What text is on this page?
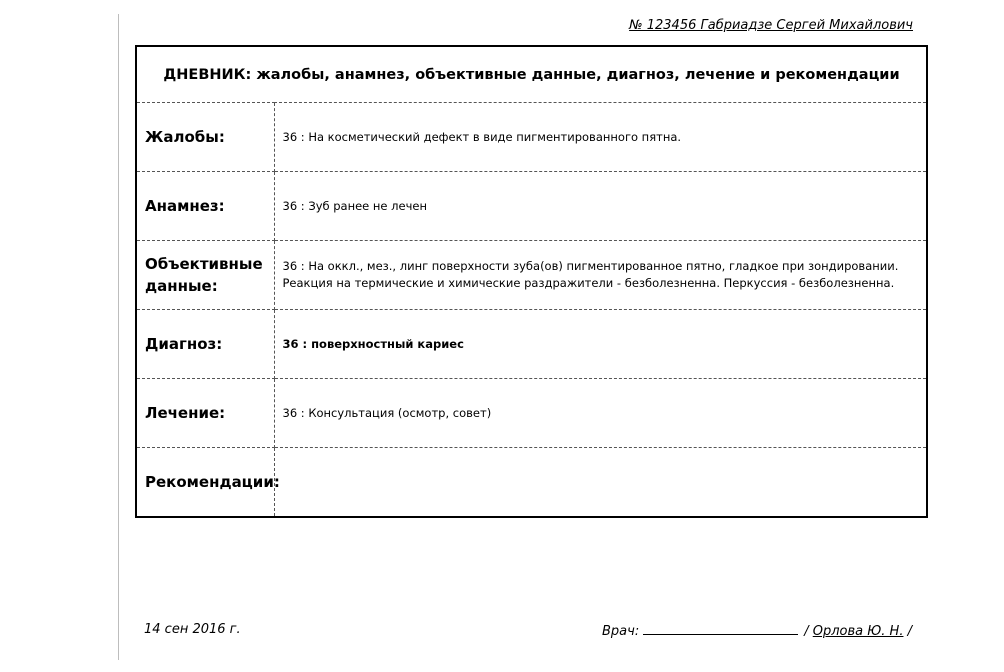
№ 123456 Габриадзе Сергей Михайлович
ДНЕВНИК: жалобы, анамнез, объективные данные, диагноз, лечение и рекомендации	
Жалобы:	36 : На косметический дефект в виде пигментированного пятна.
Анамнез:	36 : Зуб ранее не лечен
Объективные данные:	36 : На оккл., мез., линг поверхности зуба(ов) пигментированное пятно, гладкое при зондировании. Реакция на термические и химические раздражители - безболезненна. Перкуссия - безболезненна.
Диагноз:	36 : поверхностный кариес
Лечение:	36 : Консультация (осмотр, совет)
Рекомендации:	
14 сен 2016 г.	Врач:	/ Орлова Ю. Н. /
